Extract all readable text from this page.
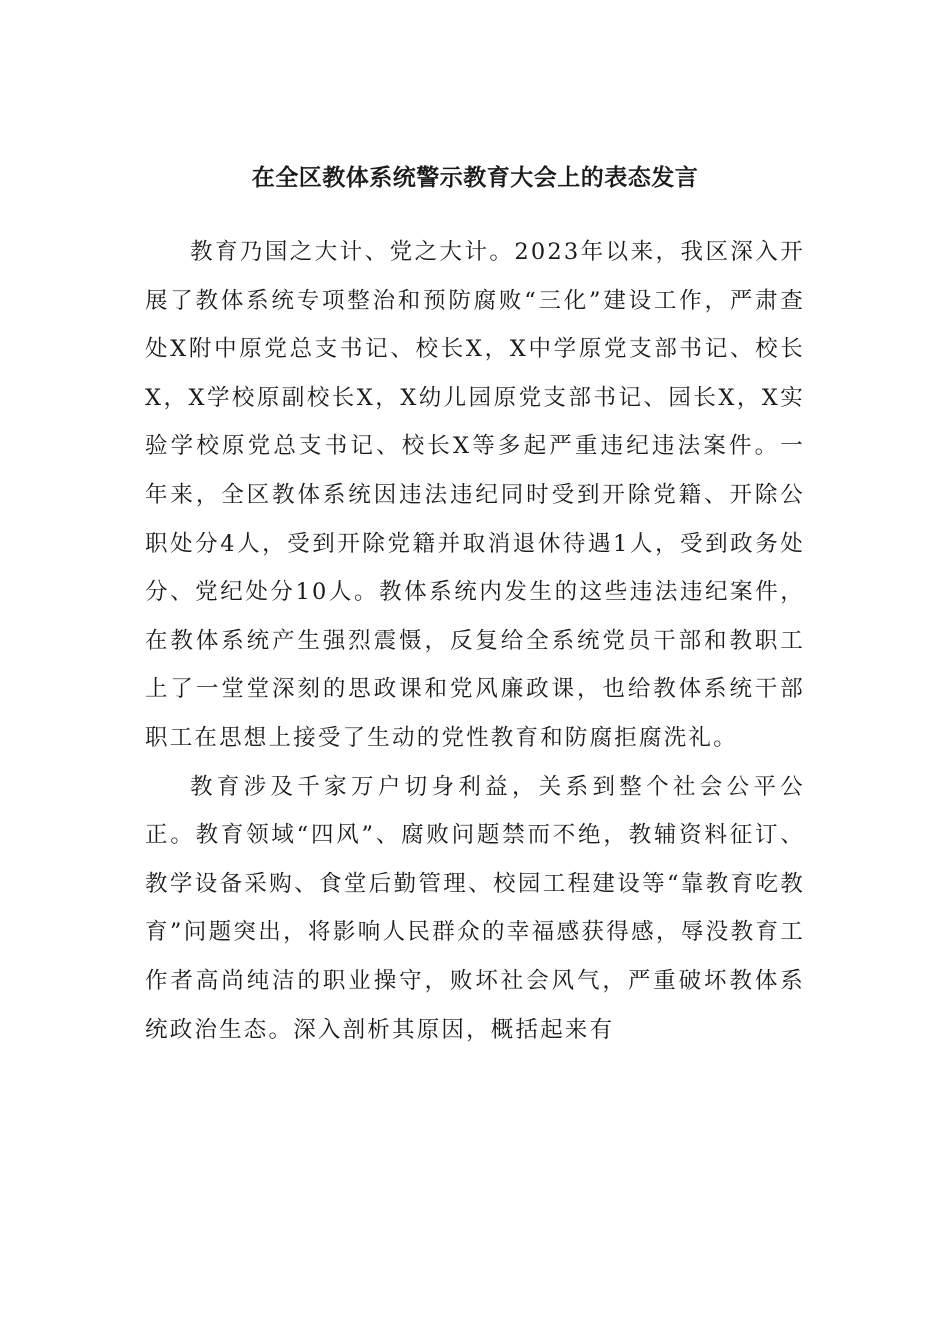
在全区教体系统警示教育大会上的表态发言

教育乃国之大计、党之大计。2023年以来，我区深入开展了教体系统专项整治和预防腐败“三化”建设工作，严肃查处X附中原党总支书记、校长X，X中学原党支部书记、校长X，X学校原副校长X，X幼儿园原党支部书记、园长X，X实验学校原党总支书记、校长X等多起严重违纪违法案件。一年来，全区教体系统因违法违纪同时受到开除党籍、开除公职处分4人，受到开除党籍并取消退休待遇1人，受到政务处分、党纪处分10人。教体系统内发生的这些违法违纪案件，在教体系统产生强烈震慑，反复给全系统党员干部和教职工上了一堂堂深刻的思政课和党风廉政课，也给教体系统干部职工在思想上接受了生动的党性教育和防腐拒腐洗礼。

教育涉及千家万户切身利益，关系到整个社会公平公正。教育领域“四风”、腐败问题禁而不绝，教辅资料征订、教学设备采购、食堂后勤管理、校园工程建设等“靠教育吃教育”问题突出，将影响人民群众的幸福感获得感，辱没教育工作者高尚纯洁的职业操守，败坏社会风气，严重破坏教体系统政治生态。深入剖析其原因，概括起来有
